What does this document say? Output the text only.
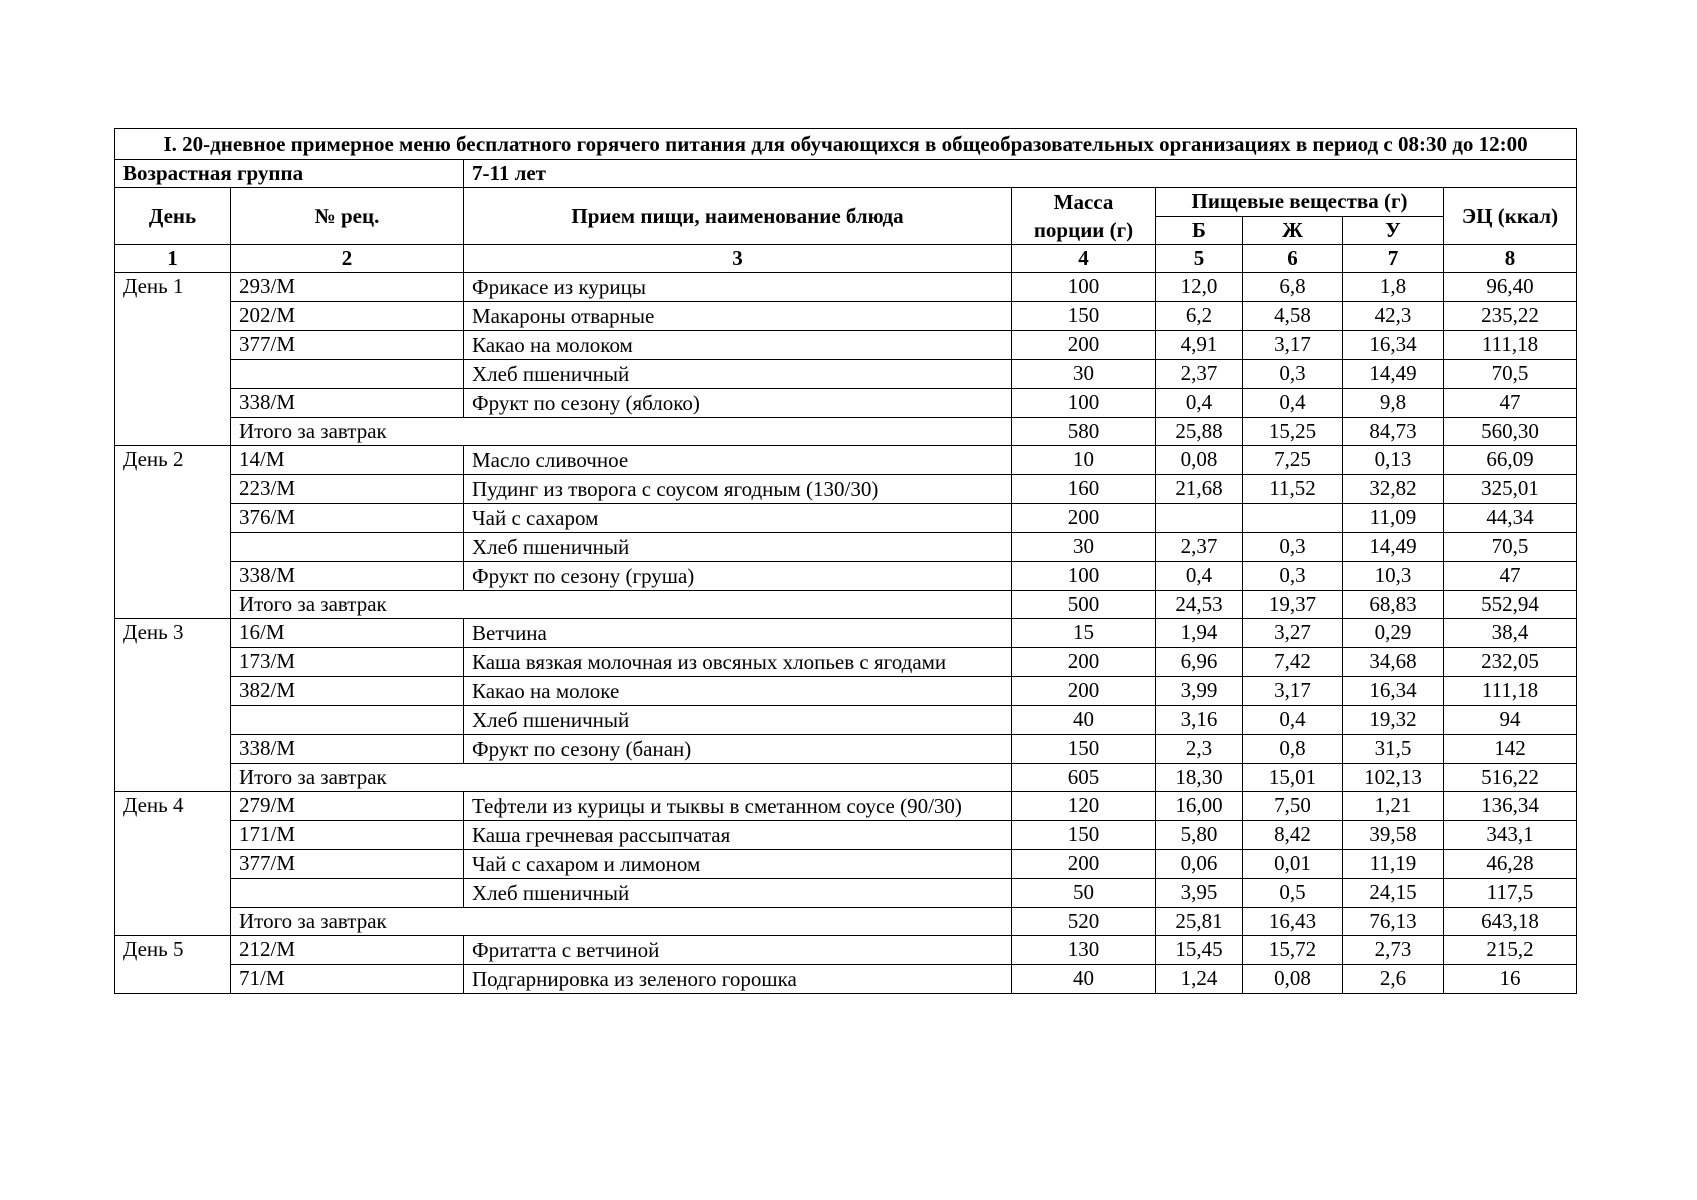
I. 20-дневное примерное меню бесплатного горячего питания для обучающихся в общеобразовательных организациях в период с 08:30 до 12:00							
Возрастная группа		7-11 лет					
День	№ рец.	Прием пищи, наименование блюда	Масса порции (г)	Пищевые вещества (г)			ЭЦ (ккал)
				Б	Ж	У	
1	2	3	4	5	6	7	8
День 1	293/М	Фрикасе из курицы	100	12,0	6,8	1,8	96,40
	202/М	Макароны отварные	150	6,2	4,58	42,3	235,22
	377/М	Какао на молоком	200	4,91	3,17	16,34	111,18
		Хлеб пшеничный	30	2,37	0,3	14,49	70,5
	338/М	Фрукт по сезону (яблоко)	100	0,4	0,4	9,8	47
	Итого за завтрак		580	25,88	15,25	84,73	560,30
День 2	14/М	Масло сливочное	10	0,08	7,25	0,13	66,09
	223/М	Пудинг из творога с соусом ягодным (130/30)	160	21,68	11,52	32,82	325,01
	376/М	Чай с сахаром	200			11,09	44,34
		Хлеб пшеничный	30	2,37	0,3	14,49	70,5
	338/М	Фрукт по сезону (груша)	100	0,4	0,3	10,3	47
	Итого за завтрак		500	24,53	19,37	68,83	552,94
День 3	16/М	Ветчина	15	1,94	3,27	0,29	38,4
	173/М	Каша вязкая молочная из овсяных хлопьев с ягодами	200	6,96	7,42	34,68	232,05
	382/М	Какао на молоке	200	3,99	3,17	16,34	111,18
		Хлеб пшеничный	40	3,16	0,4	19,32	94
	338/М	Фрукт по сезону (банан)	150	2,3	0,8	31,5	142
	Итого за завтрак		605	18,30	15,01	102,13	516,22
День 4	279/М	Тефтели из курицы и тыквы в сметанном соусе (90/30)	120	16,00	7,50	1,21	136,34
	171/М	Каша гречневая рассыпчатая	150	5,80	8,42	39,58	343,1
	377/М	Чай с сахаром и лимоном	200	0,06	0,01	11,19	46,28
		Хлеб пшеничный	50	3,95	0,5	24,15	117,5
	Итого за завтрак		520	25,81	16,43	76,13	643,18
День 5	212/М	Фритатта с ветчиной	130	15,45	15,72	2,73	215,2
	71/М	Подгарнировка из зеленого горошка	40	1,24	0,08	2,6	16
